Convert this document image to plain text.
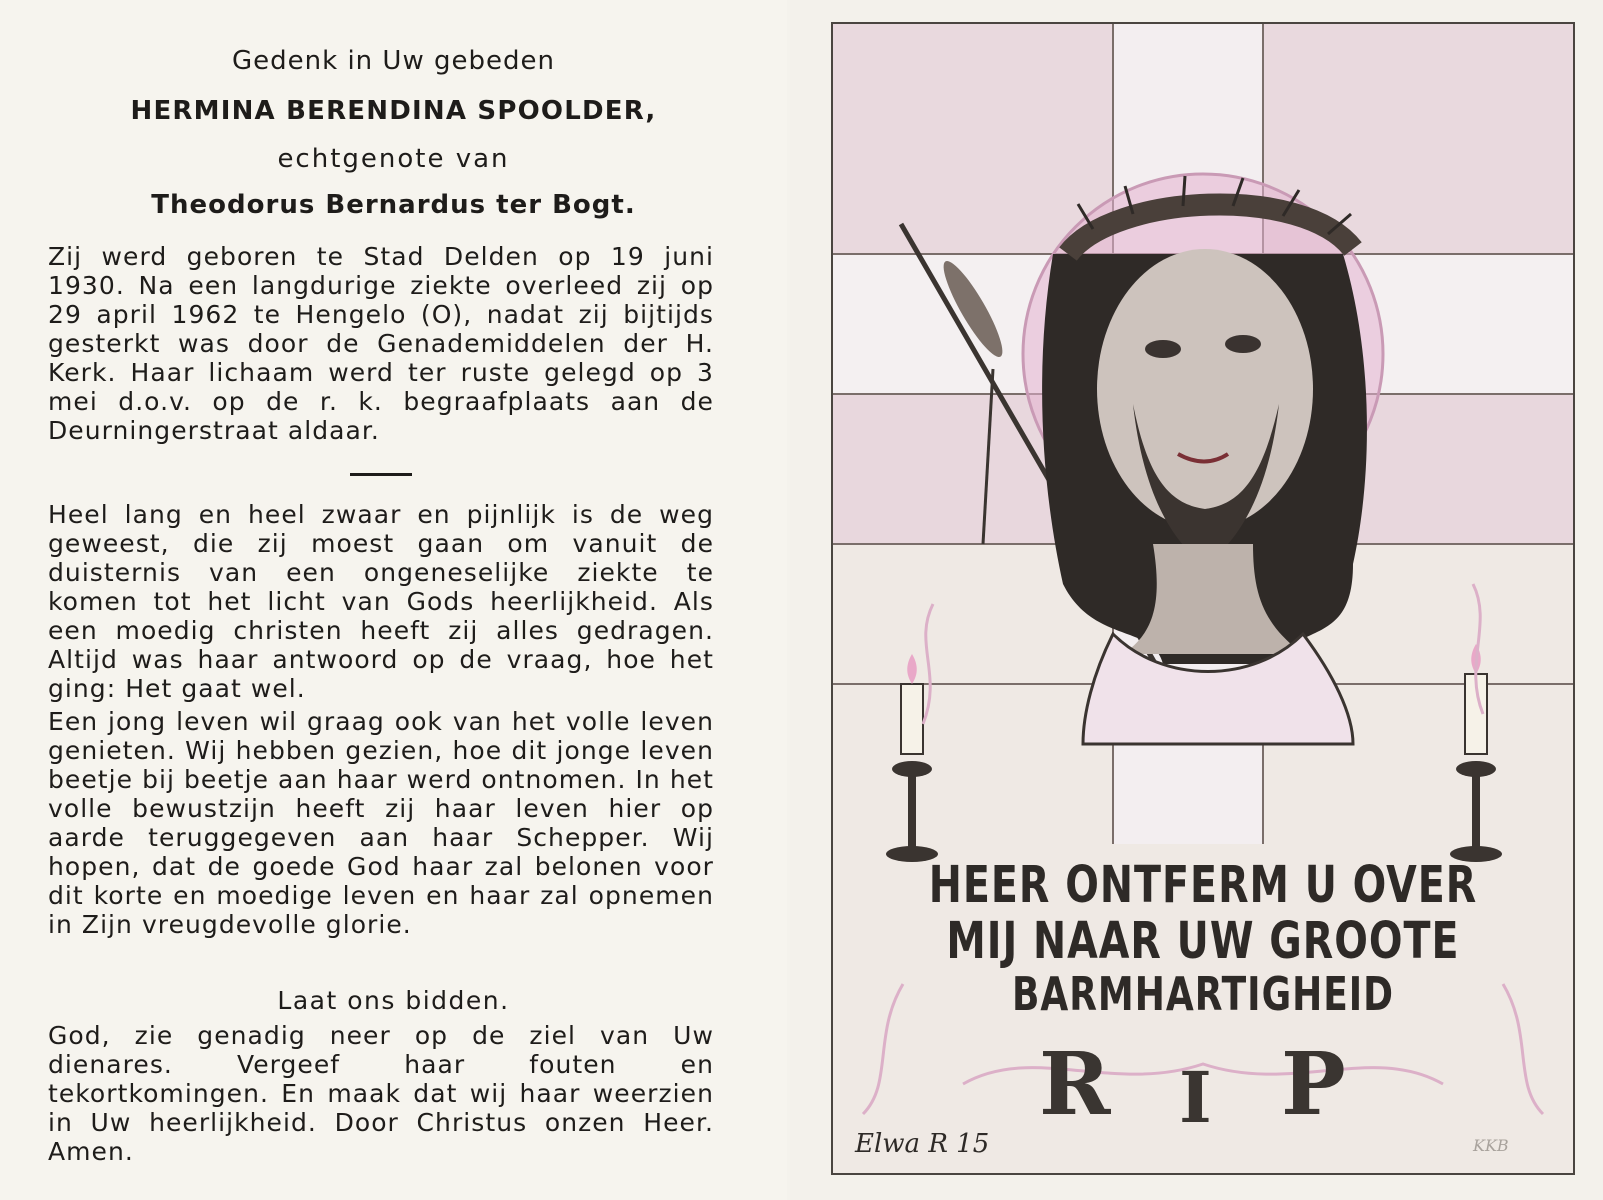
Gedenk in Uw gebeden
HERMINA BERENDINA SPOOLDER,
echtgenote van
Theodorus Bernardus ter Bogt.

Zij werd geboren te Stad Delden op 19 juni 1930. Na een langdurige ziekte overleed zij op 29 april 1962 te Hengelo (O), nadat zij bijtijds gesterkt was door de Genademiddelen der H. Kerk. Haar lichaam werd ter ruste gelegd op 3 mei d.o.v. op de r. k. begraafplaats aan de Deurningerstraat aldaar.

Heel lang en heel zwaar en pijnlijk is de weg geweest, die zij moest gaan om vanuit de duisternis van een ongeneselijke ziekte te komen tot het licht van Gods heerlijkheid. Als een moedig christen heeft zij alles gedragen. Altijd was haar antwoord op de vraag, hoe het ging: Het gaat wel.

Een jong leven wil graag ook van het volle leven genieten. Wij hebben gezien, hoe dit jonge leven beetje bij beetje aan haar werd ontnomen. In het volle bewustzijn heeft zij haar leven hier op aarde teruggegeven aan haar Schepper. Wij hopen, dat de goede God haar zal belonen voor dit korte en moedige leven en haar zal opnemen in Zijn vreugdevolle glorie.

Laat ons bidden.

God, zie genadig neer op de ziel van Uw dienares. Vergeef haar fouten en tekortkomingen. En maak dat wij haar weerzien in Uw heerlijkheid. Door Christus onzen Heer. Amen.

HEER ONTFERM U OVER
MIJ NAAR UW GROOTE
BARMHARTIGHEID
R I P
Elwa R 15	KKB
